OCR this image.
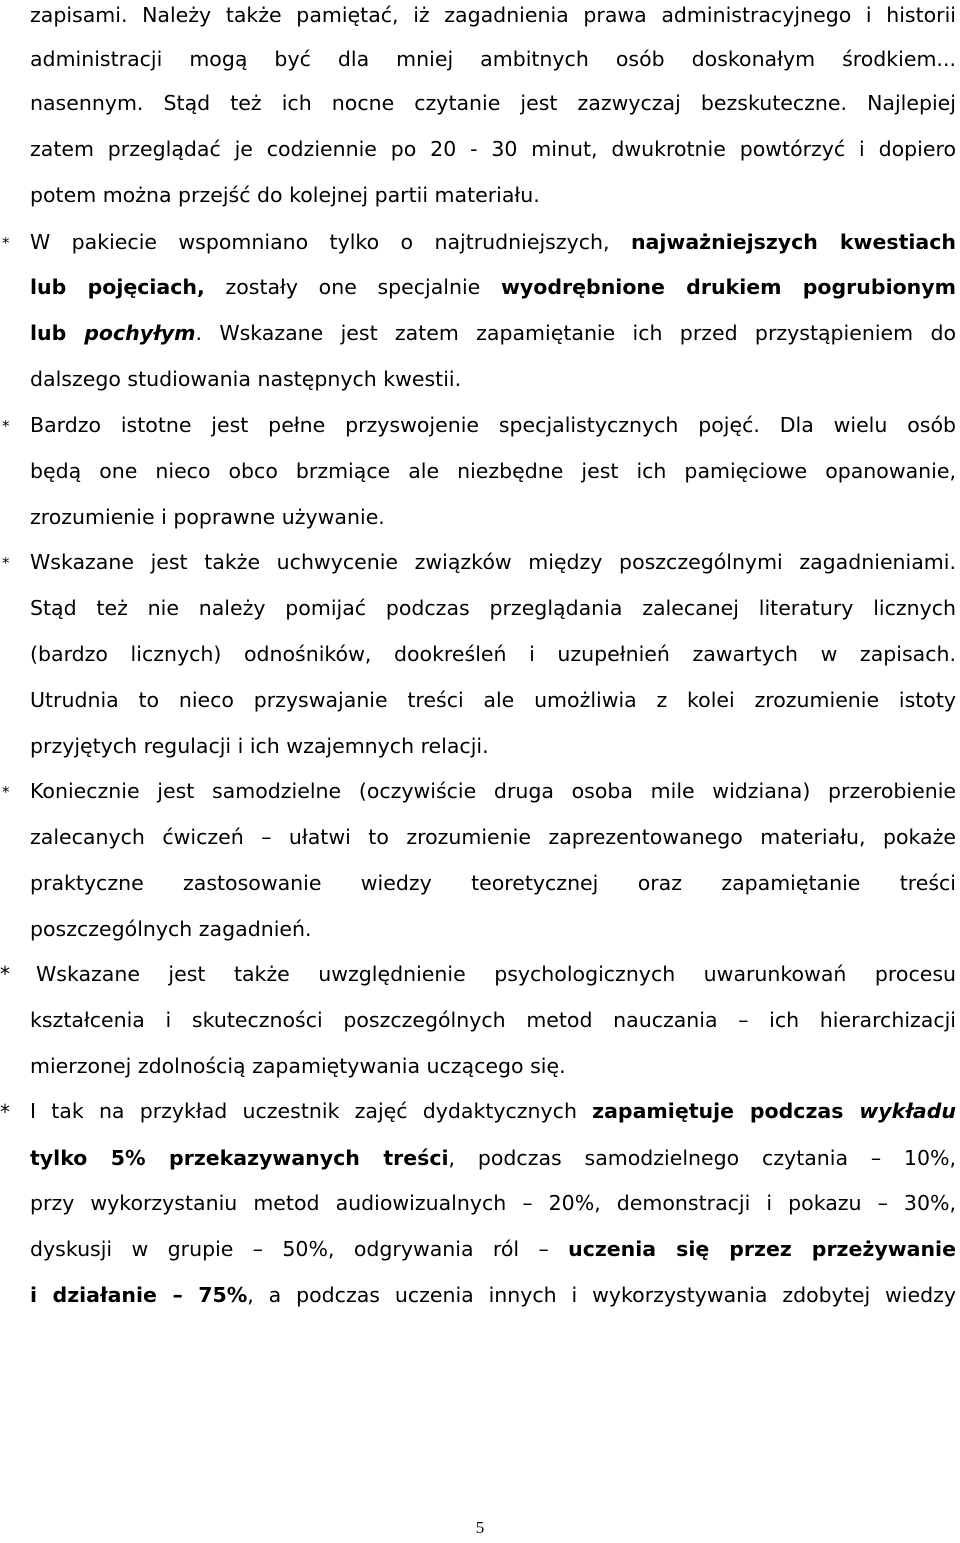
zapisami. Należy także pamiętać, iż zagadnienia prawa administracyjnego i historii
administracji mogą być dla mniej ambitnych osób doskonałym środkiem...
nasennym. Stąd też ich nocne czytanie jest zazwyczaj bezskuteczne. Najlepiej
zatem przeglądać je codziennie po 20 - 30 minut, dwukrotnie powtórzyć i dopiero
potem można przejść do kolejnej partii materiału.
*	W pakiecie wspomniano tylko o najtrudniejszych, najważniejszych kwestiach
lub pojęciach, zostały one specjalnie wyodrębnione drukiem pogrubionym
lub pochyłym. Wskazane jest zatem zapamiętanie ich przed przystąpieniem do
dalszego studiowania następnych kwestii.
*	Bardzo istotne jest pełne przyswojenie specjalistycznych pojęć. Dla wielu osób
będą one nieco obco brzmiące ale niezbędne jest ich pamięciowe opanowanie,
zrozumienie i poprawne używanie.
*	Wskazane jest także uchwycenie związków między poszczególnymi zagadnieniami.
Stąd też nie należy pomijać podczas przeglądania zalecanej literatury licznych
(bardzo licznych) odnośników, dookreśleń i uzupełnień zawartych w zapisach.
Utrudnia to nieco przyswajanie treści ale umożliwia z kolei zrozumienie istoty
przyjętych regulacji i ich wzajemnych relacji.
*	Koniecznie jest samodzielne (oczywiście druga osoba mile widziana) przerobienie
zalecanych ćwiczeń – ułatwi to zrozumienie zaprezentowanego materiału, pokaże
praktyczne zastosowanie wiedzy teoretycznej oraz zapamiętanie treści
poszczególnych zagadnień.
* Wskazane jest także uwzględnienie psychologicznych uwarunkowań procesu
kształcenia i skuteczności poszczególnych metod nauczania – ich hierarchizacji
mierzonej zdolnością zapamiętywania uczącego się.
* I tak na przykład uczestnik zajęć dydaktycznych zapamiętuje podczas wykładu
tylko 5% przekazywanych treści, podczas samodzielnego czytania – 10%,
przy wykorzystaniu metod audiowizualnych – 20%, demonstracji i pokazu – 30%,
dyskusji w grupie – 50%, odgrywania ról – uczenia się przez przeżywanie
i działanie – 75%, a podczas uczenia innych i wykorzystywania zdobytej wiedzy
5
